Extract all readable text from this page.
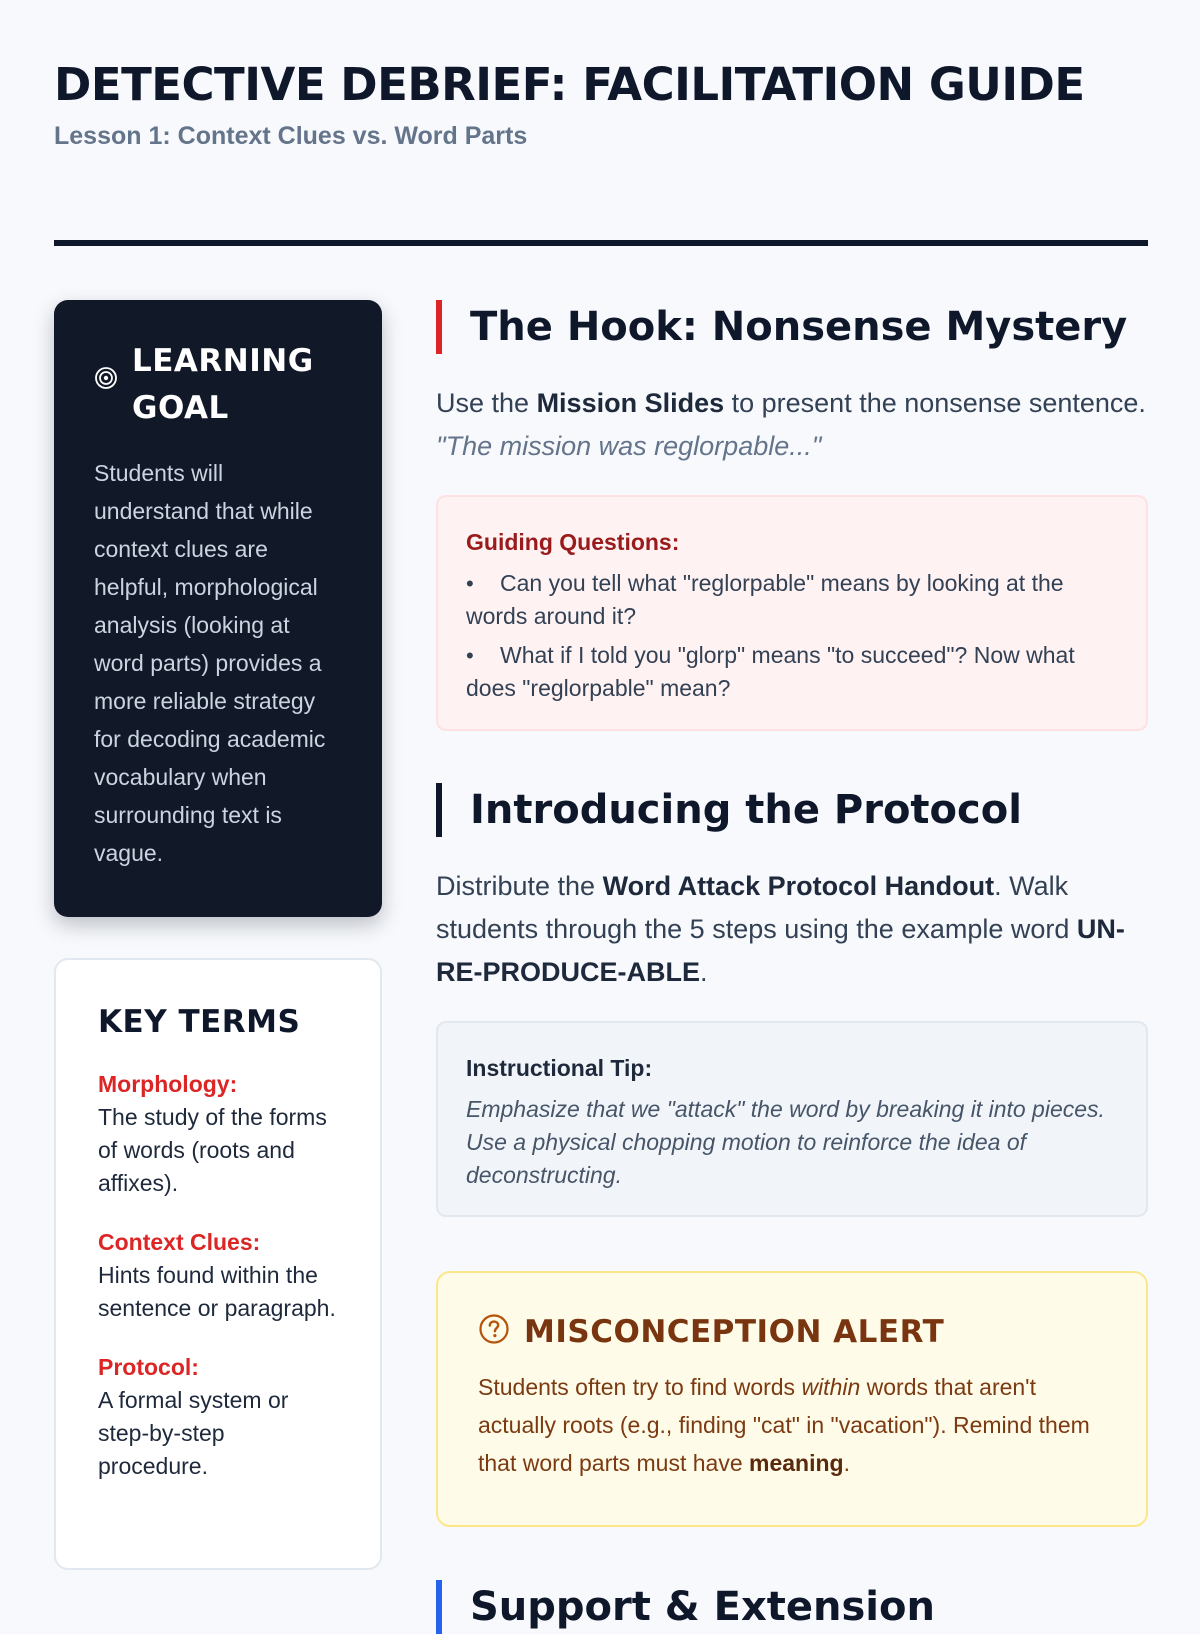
DETECTIVE DEBRIEF: FACILITATION GUIDE
Lesson 1: Context Clues vs. Word Parts
LEARNING
GOAL

Students will understand that while context clues are helpful, morphological analysis (looking at word parts) provides a more reliable strategy for decoding academic vocabulary when surrounding text is vague.

KEY TERMS
Morphology:
The study of the forms of words (roots and affixes).
Context Clues:
Hints found within the sentence or paragraph.
Protocol:
A formal system or step-by-step procedure.
The Hook: Nonsense Mystery

Use the Mission Slides to present the nonsense sentence. "The mission was reglorpable..."

Guiding Questions:
• Can you tell what "reglorpable" means by looking at the words around it?
• What if I told you "glorp" means "to succeed"? Now what does "reglorpable" mean?
Introducing the Protocol

Distribute the Word Attack Protocol Handout. Walk students through the 5 steps using the example word UN-RE-PRODUCE-ABLE.

Instructional Tip:
Emphasize that we "attack" the word by breaking it into pieces. Use a physical chopping motion to reinforce the idea of deconstructing.
MISCONCEPTION ALERT

Students often try to find words within words that aren't actually roots (e.g., finding "cat" in "vacation"). Remind them that word parts must have meaning.

Support & Extension
